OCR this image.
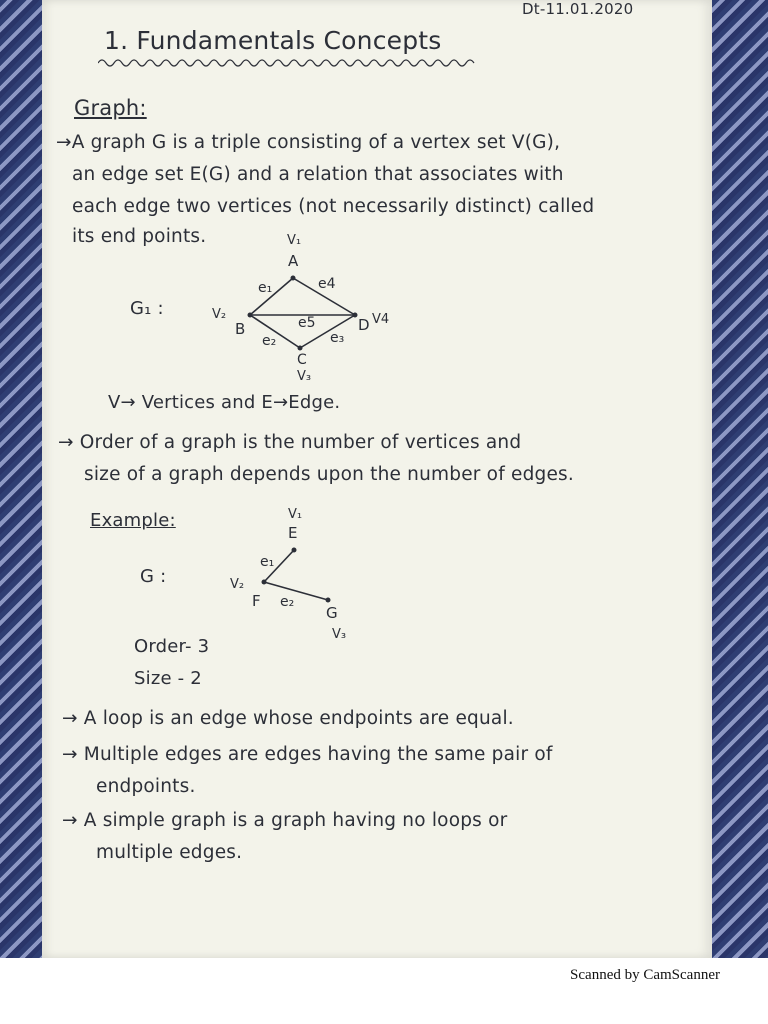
Dt-11.01.2020

1. Fundamentals Concepts

Graph:

→A graph G is a triple consisting of a vertex set V(G),

an edge set E(G) and a relation that associates with

each edge two vertices (not necessarily distinct) called

its end points.

G₁ :

V₁
A
V₂
B
C
V₃
D V4
e₁
e₂	e₃
e4
e5

V→ Vertices and E→Edge.

→ Order of a graph is the number of vertices and

size of a graph depends upon the number of edges.

Example:

G :

V₁
E
V₂
F
G
V₃
e₁
e₂

Order- 3

Size - 2

→ A loop is an edge whose endpoints are equal.

→ Multiple edges are edges having the same pair of

endpoints.

→ A simple graph is a graph having no loops or

multiple edges.

Scanned by CamScanner
